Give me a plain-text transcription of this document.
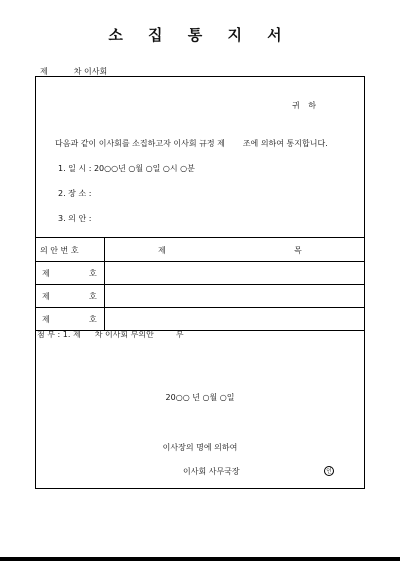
소 집 통 지 서
제	차 이사회
귀 하
다음과 같이 이사회를 소집하고자 이사회 규정 제 조에 의하여 통지합니다.
1. 일 시 : 20○○년 ○월 ○일 ○시 ○분
2. 장 소 :
3. 의 안 :
의 안 번 호	제	목
제	호
제	호
제	호
첨 부 : 1. 제 차 이사회 부의안	부
20○○ 년 ○월 ○일
이사장의 명에 의하여
이사회 사무국장	인
